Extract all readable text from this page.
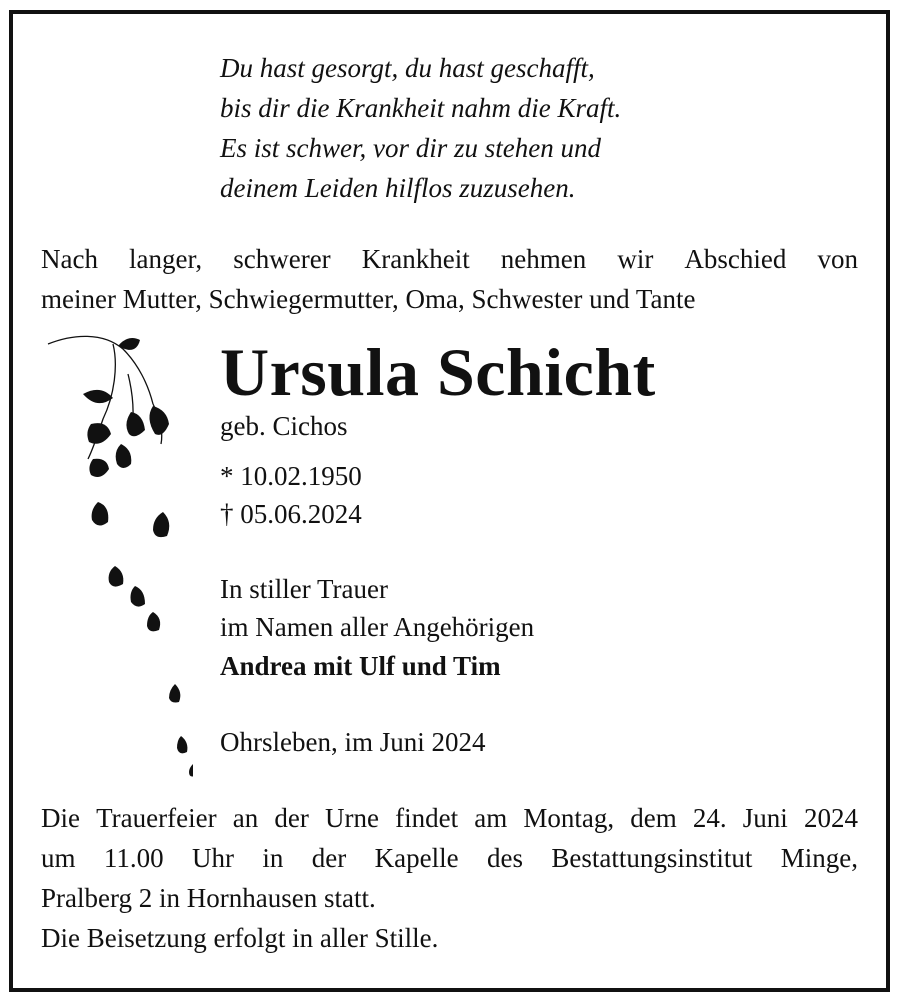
Du hast gesorgt, du hast geschafft,
bis dir die Krankheit nahm die Kraft.
Es ist schwer, vor dir zu stehen und
deinem Leiden hilflos zuzusehen.
Nach langer, schwerer Krankheit nehmen wir Abschied von
meiner Mutter, Schwiegermutter, Oma, Schwester und Tante
Ursula Schicht
geb. Cichos
* 10.02.1950
† 05.06.2024
In stiller Trauer
im Namen aller Angehörigen
Andrea mit Ulf und Tim
Ohrsleben, im Juni 2024
Die Trauerfeier an der Urne findet am Montag, dem 24. Juni 2024
um 11.00 Uhr in der Kapelle des Bestattungsinstitut Minge,
Pralberg 2 in Hornhausen statt.
Die Beisetzung erfolgt in aller Stille.
